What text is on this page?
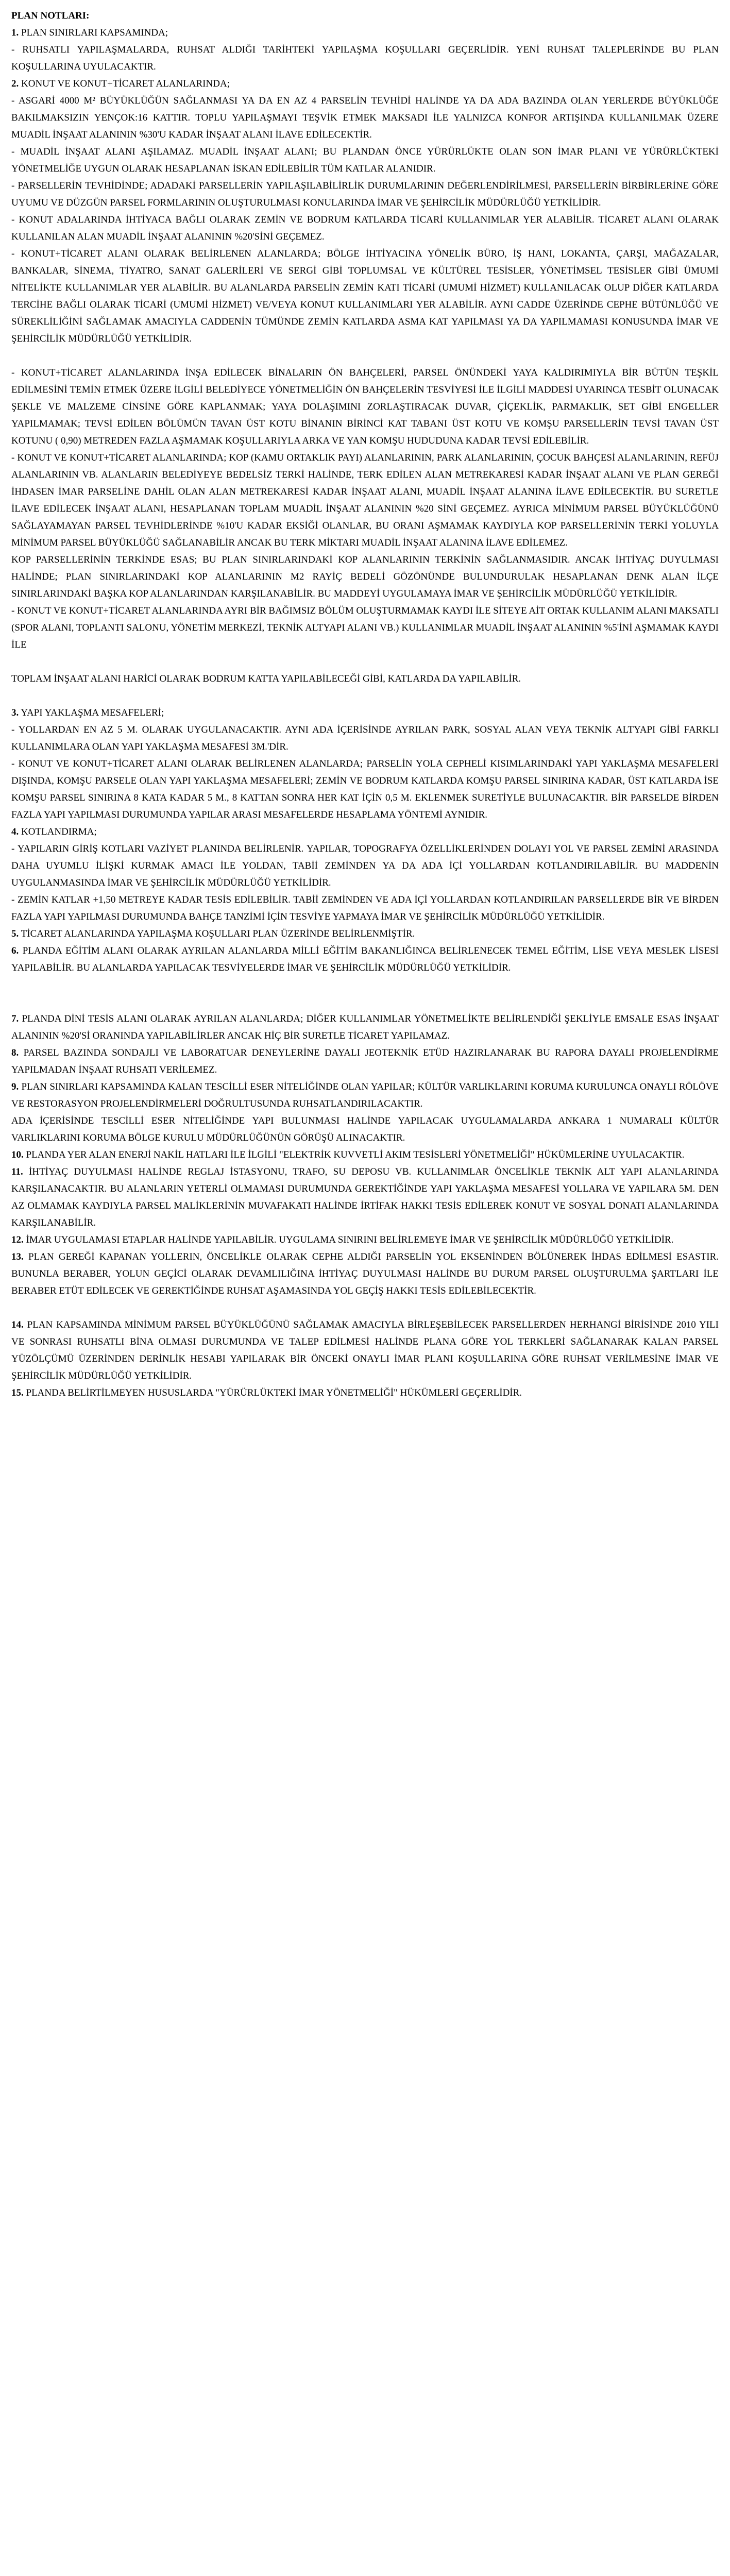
PLAN NOTLARI:

1. PLAN SINIRLARI KAPSAMINDA;

- RUHSATLI YAPILAŞMALARDA, RUHSAT ALDIĞI TARİHTEKİ YAPILAŞMA KOŞULLARI GEÇERLİDİR. YENİ RUHSAT TALEPLERİNDE BU PLAN KOŞULLARINA UYULACAKTIR.

2. KONUT VE KONUT+TİCARET ALANLARINDA;

- ASGARİ 4000 M² BÜYÜKLÜĞÜN SAĞLANMASI YA DA EN AZ 4 PARSELİN TEVHİDİ HALİNDE YA DA ADA BAZINDA OLAN YERLERDE BÜYÜKLÜĞE BAKILMAKSIZIN YENÇOK:16 KATTIR. TOPLU YAPILAŞMAYI TEŞVİK ETMEK MAKSADI İLE YALNIZCA KONFOR ARTIŞINDA KULLANILMAK ÜZERE MUADİL İNŞAAT ALANININ %30'U KADAR İNŞAAT ALANI İLAVE EDİLECEKTİR.

- MUADİL İNŞAAT ALANI AŞILAMAZ. MUADİL İNŞAAT ALANI; BU PLANDAN ÖNCE YÜRÜRLÜKTE OLAN SON İMAR PLANI VE YÜRÜRLÜKTEKİ YÖNETMELİĞE UYGUN OLARAK HESAPLANAN İSKAN EDİLEBİLİR TÜM KATLAR ALANIDIR.

- PARSELLERİN TEVHİDİNDE; ADADAKİ PARSELLERİN YAPILAŞILABİLİRLİK DURUMLARININ DEĞERLENDİRİLMESİ, PARSELLERİN BİRBİRLERİNE GÖRE UYUMU VE DÜZGÜN PARSEL FORMLARININ OLUŞTURULMASI KONULARINDA İMAR VE ŞEHİRCİLİK MÜDÜRLÜĞÜ YETKİLİDİR.

- KONUT ADALARINDA İHTİYACA BAĞLI OLARAK ZEMİN VE BODRUM KATLARDA TİCARİ KULLANIMLAR YER ALABİLİR. TİCARET ALANI OLARAK KULLANILAN ALAN MUADİL İNŞAAT ALANININ %20'SİNİ GEÇEMEZ.

- KONUT+TİCARET ALANI OLARAK BELİRLENEN ALANLARDA; BÖLGE İHTİYACINA YÖNELİK BÜRO, İŞ HANI, LOKANTA, ÇARŞI, MAĞAZALAR, BANKALAR, SİNEMA, TİYATRO, SANAT GALERİLERİ VE SERGİ GİBİ TOPLUMSAL VE KÜLTÜREL TESİSLER, YÖNETİMSEL TESİSLER GİBİ ÜMUMİ NİTELİKTE KULLANIMLAR YER ALABİLİR. BU ALANLARDA PARSELİN ZEMİN KATI TİCARİ (UMUMİ HİZMET) KULLANILACAK OLUP DİĞER KATLARDA TERCİHE BAĞLI OLARAK TİCARİ (UMUMİ HİZMET) VE/VEYA KONUT KULLANIMLARI YER ALABİLİR. AYNI CADDE ÜZERİNDE CEPHE BÜTÜNLÜĞÜ VE SÜREKLİLİĞİNİ SAĞLAMAK AMACIYLA CADDENİN TÜMÜNDE ZEMİN KATLARDA ASMA KAT YAPILMASI YA DA YAPILMAMASI KONUSUNDA İMAR VE ŞEHİRCİLİK MÜDÜRLÜĞÜ YETKİLİDİR.

- KONUT+TİCARET ALANLARINDA İNŞA EDİLECEK BİNALARIN ÖN BAHÇELERİ, PARSEL ÖNÜNDEKİ YAYA KALDIRIMIYLA BİR BÜTÜN TEŞKİL EDİLMESİNİ TEMİN ETMEK ÜZERE İLGİLİ BELEDİYECE YÖNETMELİĞİN ÖN BAHÇELERİN TESVİYESİ İLE İLGİLİ MADDESİ UYARINCA TESBİT OLUNACAK ŞEKLE VE MALZEME CİNSİNE GÖRE KAPLANMAK; YAYA DOLAŞIMINI ZORLAŞTIRACAK DUVAR, ÇİÇEKLİK, PARMAKLIK, SET GİBİ ENGELLER YAPILMAMAK; TEVSİ EDİLEN BÖLÜMÜN TAVAN ÜST KOTU BİNANIN BİRİNCİ KAT TABANI ÜST KOTU VE KOMŞU PARSELLERİN TEVSİ TAVAN ÜST KOTUNU ( 0,90) METREDEN FAZLA AŞMAMAK KOŞULLARIYLA ARKA VE YAN KOMŞU HUDUDUNA KADAR TEVSİ EDİLEBİLİR.

- KONUT VE KONUT+TİCARET ALANLARINDA; KOP (KAMU ORTAKLIK PAYI) ALANLARININ, PARK ALANLARININ, ÇOCUK BAHÇESİ ALANLARININ, REFÜJ ALANLARININ VB. ALANLARIN BELEDİYEYE BEDELSİZ TERKİ HALİNDE, TERK EDİLEN ALAN METREKARESİ KADAR İNŞAAT ALANI VE PLAN GEREĞİ İHDASEN İMAR PARSELİNE DAHİL OLAN ALAN METREKARESİ KADAR İNŞAAT ALANI, MUADİL İNŞAAT ALANINA İLAVE EDİLECEKTİR. BU SURETLE İLAVE EDİLECEK İNŞAAT ALANI, HESAPLANAN TOPLAM MUADİL İNŞAAT ALANININ %20 SİNİ GEÇEMEZ. AYRICA MİNİMUM PARSEL BÜYÜKLÜĞÜNÜ SAĞLAYAMAYAN PARSEL TEVHİDLERİNDE %10'U KADAR EKSİĞİ OLANLAR, BU ORANI AŞMAMAK KAYDIYLA KOP PARSELLERİNİN TERKİ YOLUYLA MİNİMUM PARSEL BÜYÜKLÜĞÜ SAĞLANABİLİR ANCAK BU TERK MİKTARI MUADİL İNŞAAT ALANINA İLAVE EDİLEMEZ.

KOP PARSELLERİNİN TERKİNDE ESAS; BU PLAN SINIRLARINDAKİ KOP ALANLARININ TERKİNİN SAĞLANMASIDIR. ANCAK İHTİYAÇ DUYULMASI HALİNDE; PLAN SINIRLARINDAKİ KOP ALANLARININ M2 RAYİÇ BEDELİ GÖZÖNÜNDE BULUNDURULAK HESAPLANAN DENK ALAN İLÇE SINIRLARINDAKİ BAŞKA KOP ALANLARINDAN KARŞILANABİLİR. BU MADDEYİ UYGULAMAYA İMAR VE ŞEHİRCİLİK MÜDÜRLÜĞÜ YETKİLİDİR.

- KONUT VE KONUT+TİCARET ALANLARINDA AYRI BİR BAĞIMSIZ BÖLÜM OLUŞTURMAMAK KAYDI İLE SİTEYE AİT ORTAK KULLANIM ALANI MAKSATLI (SPOR ALANI, TOPLANTI SALONU, YÖNETİM MERKEZİ, TEKNİK ALTYAPI ALANI VB.) KULLANIMLAR MUADİL İNŞAAT ALANININ %5'İNİ AŞMAMAK KAYDI İLE

TOPLAM İNŞAAT ALANI HARİCİ OLARAK BODRUM KATTA YAPILABİLECEĞİ GİBİ, KATLARDA DA YAPILABİLİR.

3. YAPI YAKLAŞMA MESAFELERİ;

- YOLLARDAN EN AZ 5 M. OLARAK UYGULANACAKTIR. AYNI ADA İÇERİSİNDE AYRILAN PARK, SOSYAL ALAN VEYA TEKNİK ALTYAPI GİBİ FARKLI KULLANIMLARA OLAN YAPI YAKLAŞMA MESAFESİ 3M.'DİR.

- KONUT VE KONUT+TİCARET ALANI OLARAK BELİRLENEN ALANLARDA; PARSELİN YOLA CEPHELİ KISIMLARINDAKİ YAPI YAKLAŞMA MESAFELERİ DIŞINDA, KOMŞU PARSELE OLAN YAPI YAKLAŞMA MESAFELERİ; ZEMİN VE BODRUM KATLARDA KOMŞU PARSEL SINIRINA KADAR, ÜST KATLARDA İSE KOMŞU PARSEL SINIRINA 8 KATA KADAR 5 M., 8 KATTAN SONRA HER KAT İÇİN 0,5 M. EKLENMEK SURETİYLE BULUNACAKTIR. BİR PARSELDE BİRDEN FAZLA YAPI YAPILMASI DURUMUNDA YAPILAR ARASI MESAFELERDE HESAPLAMA YÖNTEMİ AYNIDIR.

4. KOTLANDIRMA;

- YAPILARIN GİRİŞ KOTLARI VAZİYET PLANINDA BELİRLENİR. YAPILAR, TOPOGRAFYA ÖZELLİKLERİNDEN DOLAYI YOL VE PARSEL ZEMİNİ ARASINDA DAHA UYUMLU İLİŞKİ KURMAK AMACI İLE YOLDAN, TABİİ ZEMİNDEN YA DA ADA İÇİ YOLLARDAN KOTLANDIRILABİLİR. BU MADDENİN UYGULANMASINDA İMAR VE ŞEHİRCİLİK MÜDÜRLÜĞÜ YETKİLİDİR.

- ZEMİN KATLAR +1,50 METREYE KADAR TESİS EDİLEBİLİR. TABİİ ZEMİNDEN VE ADA İÇİ YOLLARDAN KOTLANDIRILAN PARSELLERDE BİR VE BİRDEN FAZLA YAPI YAPILMASI DURUMUNDA BAHÇE TANZİMİ İÇİN TESVİYE YAPMAYA İMAR VE ŞEHİRCİLİK MÜDÜRLÜĞÜ YETKİLİDİR.

5. TİCARET ALANLARINDA YAPILAŞMA KOŞULLARI PLAN ÜZERİNDE BELİRLENMİŞTİR.

6. PLANDA EĞİTİM ALANI OLARAK AYRILAN ALANLARDA MİLLİ EĞİTİM BAKANLIĞINCA BELİRLENECEK TEMEL EĞİTİM, LİSE VEYA MESLEK LİSESİ YAPILABİLİR. BU ALANLARDA YAPILACAK TESVİYELERDE İMAR VE ŞEHİRCİLİK MÜDÜRLÜĞÜ YETKİLİDİR.

7. PLANDA DİNİ TESİS ALANI OLARAK AYRILAN ALANLARDA; DİĞER KULLANIMLAR YÖNETMELİKTE BELİRLENDİĞİ ŞEKLİYLE EMSALE ESAS İNŞAAT ALANININ %20'Sİ ORANINDA YAPILABİLİRLER ANCAK HİÇ BİR SURETLE TİCARET YAPILAMAZ.

8. PARSEL BAZINDA SONDAJLI VE LABORATUAR DENEYLERİNE DAYALI JEOTEKNİK ETÜD HAZIRLANARAK BU RAPORA DAYALI PROJELENDİRME YAPILMADAN İNŞAAT RUHSATI VERİLEMEZ.

9. PLAN SINIRLARI KAPSAMINDA KALAN TESCİLLİ ESER NİTELİĞİNDE OLAN YAPILAR; KÜLTÜR VARLIKLARINI KORUMA KURULUNCA ONAYLI RÖLÖVE VE RESTORASYON PROJELENDİRMELERİ DOĞRULTUSUNDA RUHSATLANDIRILACAKTIR.

ADA İÇERİSİNDE TESCİLLİ ESER NİTELİĞİNDE YAPI BULUNMASI HALİNDE YAPILACAK UYGULAMALARDA ANKARA 1 NUMARALI KÜLTÜR VARLIKLARINI KORUMA BÖLGE KURULU MÜDÜRLÜĞÜNÜN GÖRÜŞÜ ALINACAKTIR.

10. PLANDA YER ALAN ENERJİ NAKİL HATLARI İLE İLGİLİ "ELEKTRİK KUVVETLİ AKIM TESİSLERİ YÖNETMELİĞİ" HÜKÜMLERİNE UYULACAKTIR.

11. İHTİYAÇ DUYULMASI HALİNDE REGLAJ İSTASYONU, TRAFO, SU DEPOSU VB. KULLANIMLAR ÖNCELİKLE TEKNİK ALT YAPI ALANLARINDA KARŞILANACAKTIR. BU ALANLARIN YETERLİ OLMAMASI DURUMUNDA GEREKTİĞİNDE YAPI YAKLAŞMA MESAFESİ YOLLARA VE YAPILARA 5M. DEN AZ OLMAMAK KAYDIYLA PARSEL MALİKLERİNİN MUVAFAKATI HALİNDE İRTİFAK HAKKI TESİS EDİLEREK KONUT VE SOSYAL DONATI ALANLARINDA KARŞILANABİLİR.

12. İMAR UYGULAMASI ETAPLAR HALİNDE YAPILABİLİR. UYGULAMA SINIRINI BELİRLEMEYE İMAR VE ŞEHİRCİLİK MÜDÜRLÜĞÜ YETKİLİDİR.

13. PLAN GEREĞİ KAPANAN YOLLERIN, ÖNCELİKLE OLARAK CEPHE ALDIĞI PARSELİN YOL EKSENİNDEN BÖLÜNEREK İHDAS EDİLMESİ ESASTIR. BUNUNLA BERABER, YOLUN GEÇİCİ OLARAK DEVAMLILIĞINA İHTİYAÇ DUYULMASI HALİNDE BU DURUM PARSEL OLUŞTURULMA ŞARTLARI İLE BERABER ETÜT EDİLECEK VE GEREKTİĞİNDE RUHSAT AŞAMASINDA YOL GEÇİŞ HAKKI TESİS EDİLEBİLECEKTİR.

14. PLAN KAPSAMINDA MİNİMUM PARSEL BÜYÜKLÜĞÜNÜ SAĞLAMAK AMACIYLA BİRLEŞEBİLECEK PARSELLERDEN HERHANGİ BİRİSİNDE 2010 YILI VE SONRASI RUHSATLI BİNA OLMASI DURUMUNDA VE TALEP EDİLMESİ HALİNDE PLANA GÖRE YOL TERKLERİ SAĞLANARAK KALAN PARSEL YÜZÖLÇÜMÜ ÜZERİNDEN DERİNLİK HESABI YAPILARAK BİR ÖNCEKİ ONAYLI İMAR PLANI KOŞULLARINA GÖRE RUHSAT VERİLMESİNE İMAR VE ŞEHİRCİLİK MÜDÜRLÜĞÜ YETKİLİDİR.

15. PLANDA BELİRTİLMEYEN HUSUSLARDA "YÜRÜRLÜKTEKİ İMAR YÖNETMELİĞİ" HÜKÜMLERİ GEÇERLİDİR.
